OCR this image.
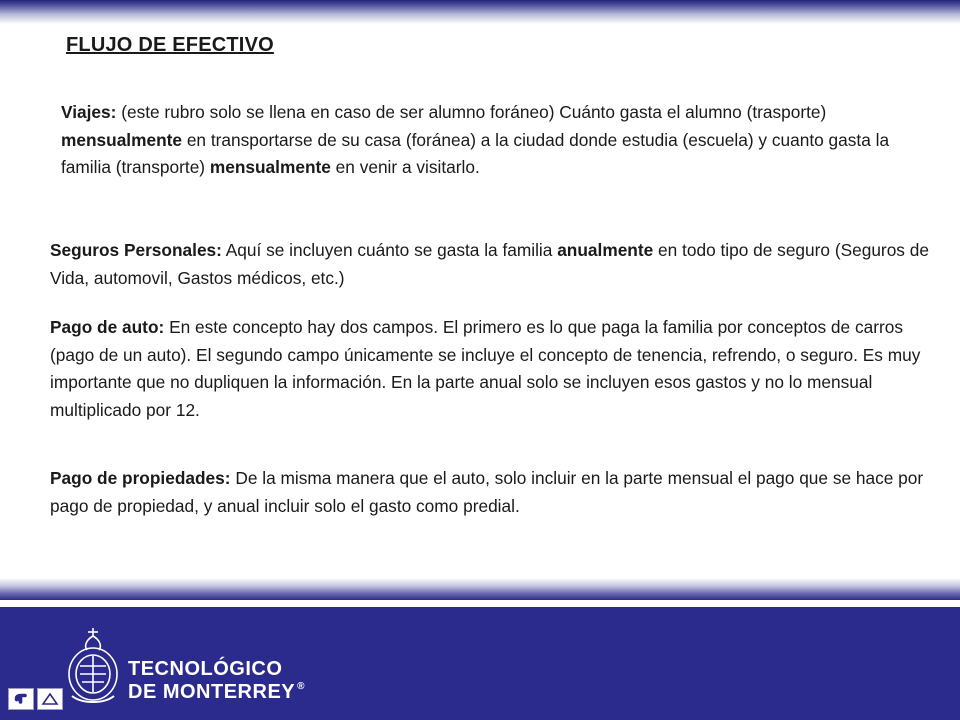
FLUJO DE EFECTIVO

Viajes: (este rubro solo se llena en caso de ser alumno foráneo) Cuánto gasta el alumno (trasporte) mensualmente en transportarse de su casa (foránea) a la ciudad donde estudia (escuela) y cuanto gasta la familia (transporte) mensualmente en venir a visitarlo.

Seguros Personales: Aquí se incluyen cuánto se gasta la familia anualmente en todo tipo de seguro (Seguros de Vida, automovil, Gastos médicos, etc.)

Pago de auto: En este concepto hay dos campos. El primero es lo que paga la familia por conceptos de carros (pago de un auto). El segundo campo únicamente se incluye el concepto de tenencia, refrendo, o seguro. Es muy importante que no dupliquen la información. En la parte anual solo se incluyen esos gastos y no lo mensual multiplicado por 12.

Pago de propiedades: De la misma manera que el auto, solo incluir en la parte mensual el pago que se hace por pago de propiedad, y anual incluir solo el gasto como predial.

TECNOLÓGICO

DE MONTERREY ®
